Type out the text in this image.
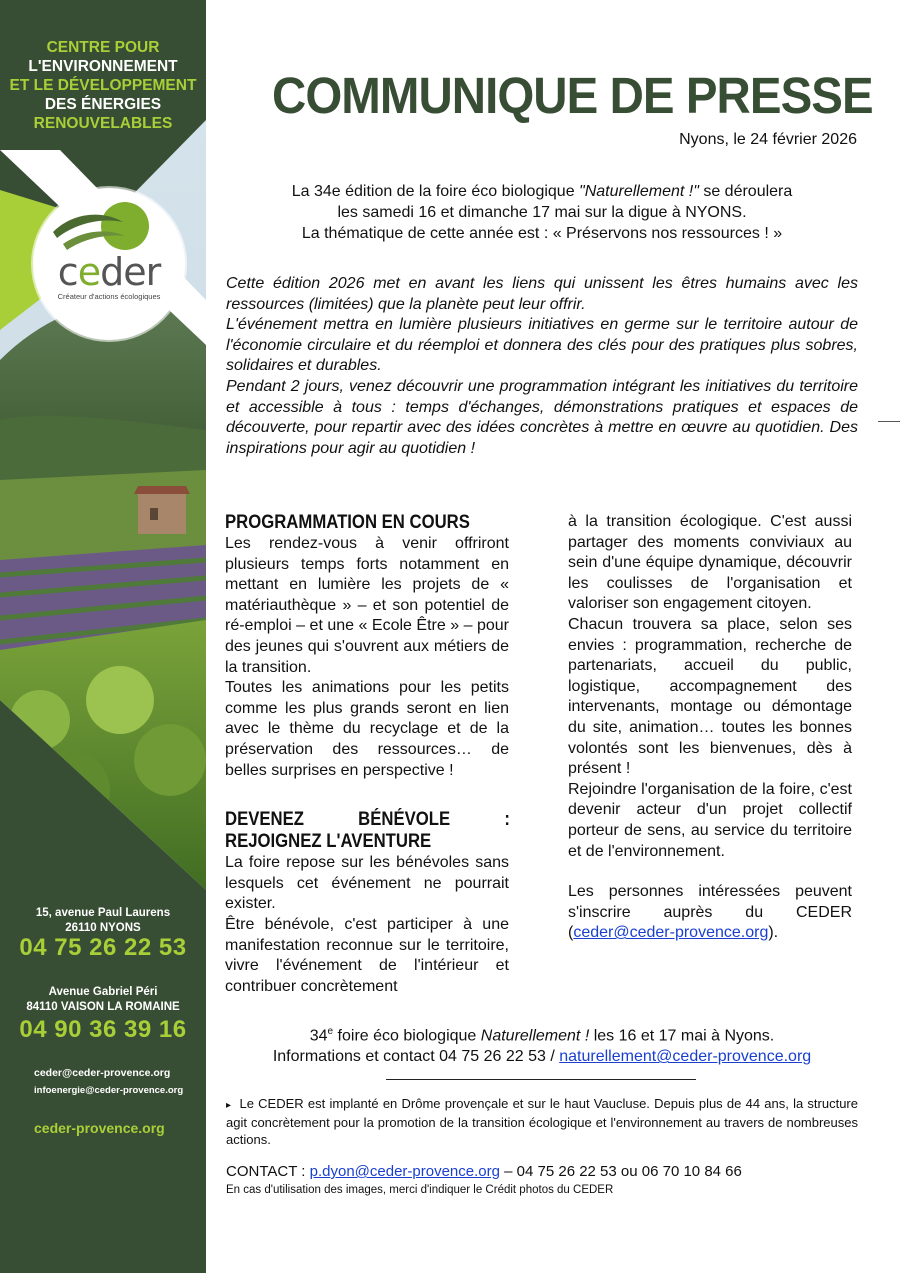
CENTRE POUR
L'ENVIRONNEMENT
ET LE DÉVELOPPEMENT
DES ÉNERGIES
RENOUVELABLES
ceder
Créateur d'actions écologiques
15, avenue Paul Laurens
26110 NYONS
04 75 26 22 53
Avenue Gabriel Péri
84110 VAISON LA ROMAINE
04 90 36 39 16
ceder@ceder-provence.org
infoenergie@ceder-provence.org
ceder-provence.org
COMMUNIQUE DE PRESSE
Nyons, le 24 février 2026
La 34e édition de la foire éco biologique "Naturellement !" se déroulera
les samedi 16 et dimanche 17 mai sur la digue à NYONS.
La thématique de cette année est : « Préservons nos ressources ! »

Cette édition 2026 met en avant les liens qui unissent les êtres humains avec les ressources (limitées) que la planète peut leur offrir.

L'événement mettra en lumière plusieurs initiatives en germe sur le territoire autour de l'économie circulaire et du réemploi et donnera des clés pour des pratiques plus sobres, solidaires et durables.

Pendant 2 jours, venez découvrir une programmation intégrant les initiatives du territoire et accessible à tous : temps d'échanges, démonstrations pratiques et espaces de découverte, pour repartir avec des idées concrètes à mettre en œuvre au quotidien. Des inspirations pour agir au quotidien !

PROGRAMMATION EN COURS

Les rendez-vous à venir offriront plusieurs temps forts notamment en mettant en lumière les projets de « matériauthèque » – et son potentiel de ré-emploi – et une « Ecole Être » – pour des jeunes qui s'ouvrent aux métiers de la transition.

Toutes les animations pour les petits comme les plus grands seront en lien avec le thème du recyclage et de la préservation des ressources… de belles surprises en perspective !

DEVENEZ BÉNÉVOLE : REJOIGNEZ L'AVENTURE

La foire repose sur les bénévoles sans lesquels cet événement ne pourrait exister.

Être bénévole, c'est participer à une manifestation reconnue sur le territoire, vivre l'événement de l'intérieur et contribuer concrètement

à la transition écologique. C'est aussi partager des moments conviviaux au sein d'une équipe dynamique, découvrir les coulisses de l'organisation et valoriser son engagement citoyen.

Chacun trouvera sa place, selon ses envies : programmation, recherche de partenariats, accueil du public, logistique, accompagnement des intervenants, montage ou démontage du site, animation… toutes les bonnes volontés sont les bienvenues, dès à présent !

Rejoindre l'organisation de la foire, c'est devenir acteur d'un projet collectif porteur de sens, au service du territoire et de l'environnement.

Les personnes intéressées peuvent s'inscrire auprès du CEDER (ceder@ceder-provence.org).

34e foire éco biologique Naturellement ! les 16 et 17 mai à Nyons.
Informations et contact 04 75 26 22 53 / naturellement@ceder-provence.org
▸ Le CEDER est implanté en Drôme provençale et sur le haut Vaucluse. Depuis plus de 44 ans, la structure agit concrètement pour la promotion de la transition écologique et l'environnement au travers de nombreuses actions.
CONTACT : p.dyon@ceder-provence.org – 04 75 26 22 53 ou 06 70 10 84 66
En cas d'utilisation des images, merci d'indiquer le Crédit photos du CEDER
